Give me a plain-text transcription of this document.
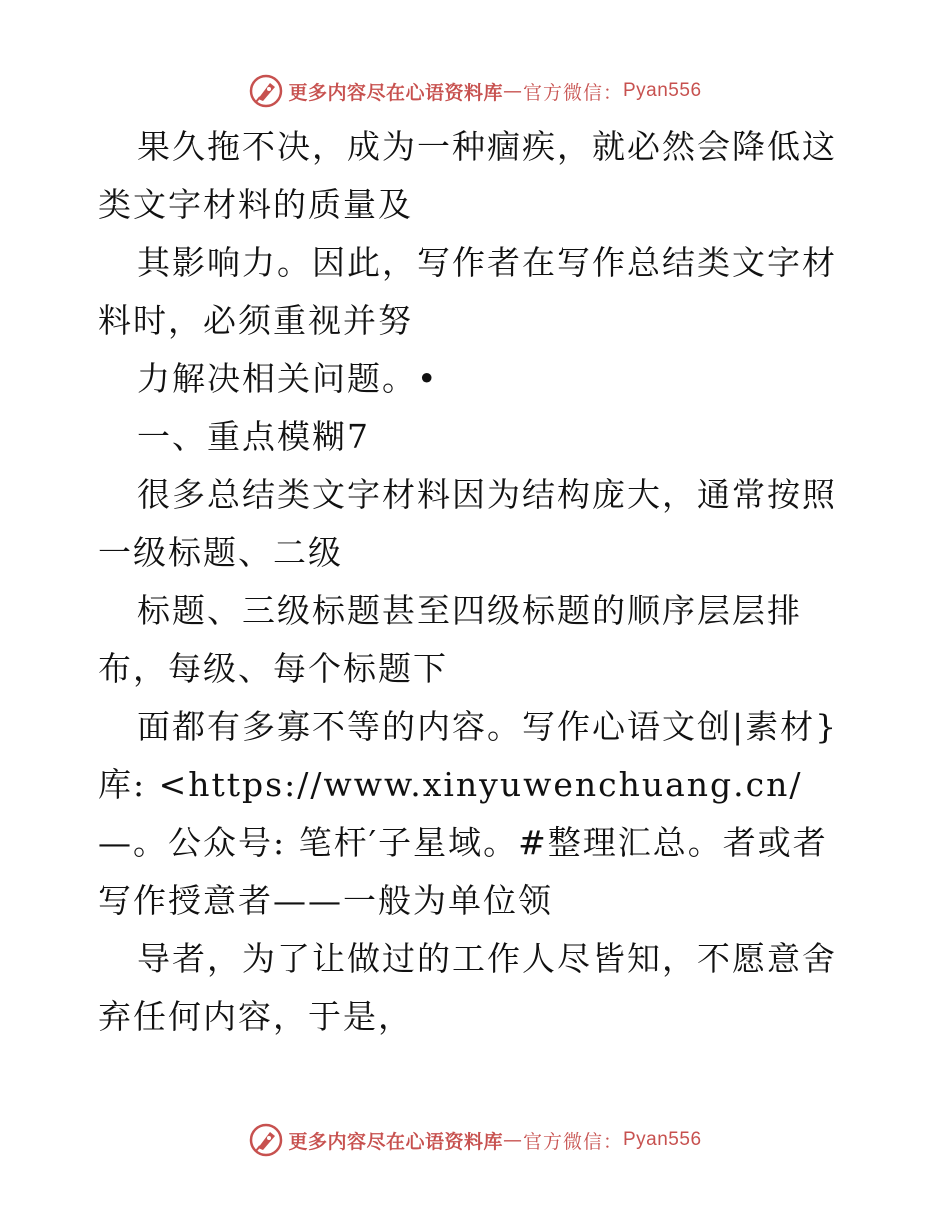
更多内容尽在心语资料库 — 官方微信： Pyan556

果久拖不决，成为一种痼疾，就必然会降低这类文字材料的质量及

其影响力。因此，写作者在写作总结类文字材料时，必须重视并努

力解决相关问题。•

一、重点模糊7

很多总结类文字材料因为结构庞大，通常按照一级标题、二级

标题、三级标题甚至四级标题的顺序层层排布，每级、每个标题下

面都有多寡不等的内容。写作心语文创|素材}库: <https://www.xinyuwenchuang.cn/—。公众号: 笔杆′子星域。#整理汇总。者或者写作授意者——一般为单位领

导者，为了让做过的工作人尽皆知，不愿意舍弃任何内容，于是，

更多内容尽在心语资料库 — 官方微信： Pyan556
